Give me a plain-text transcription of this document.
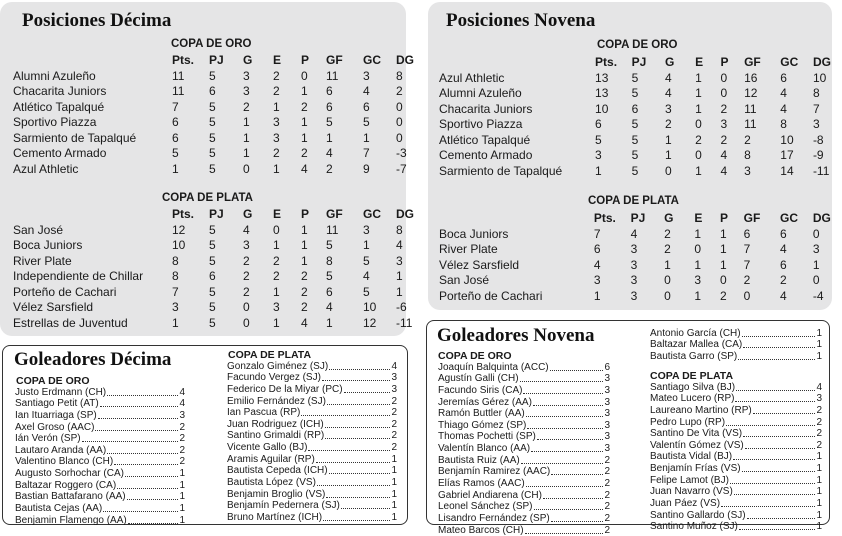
Posiciones Décima
COPA DE ORO
	Pts.	PJ	G	E	P	GF	GC	DG
Alumni Azuleño	11	5	3	2	0	11	3	8
Chacarita Juniors	11	6	3	2	1	6	4	2
Atlético Tapalqué	7	5	2	1	2	6	6	0
Sportivo Piazza	6	5	1	3	1	5	5	0
Sarmiento de Tapalqué	6	5	1	3	1	1	1	0
Cemento Armado	5	5	1	2	2	4	7	-3
Azul Athletic	1	5	0	1	4	2	9	-7
COPA DE PLATA
	Pts.	PJ	G	E	P	GF	GC	DG
San José	12	5	4	0	1	11	3	8
Boca Juniors	10	5	3	1	1	5	1	4
River Plate	8	5	2	2	1	8	5	3
Independiente de Chillar	8	6	2	2	2	5	4	1
Porteño de Cachari	7	5	2	1	2	6	5	1
Vélez Sarsfield	3	5	0	3	2	4	10	-6
Estrellas de Juventud	1	5	0	1	4	1	12	-11
Posiciones Novena
COPA DE ORO
	Pts.	PJ	G	E	P	GF	GC	DG
Azul Athletic	13	5	4	1	0	16	6	10
Alumni Azuleño	13	5	4	1	0	12	4	8
Chacarita Juniors	10	6	3	1	2	11	4	7
Sportivo Piazza	6	5	2	0	3	11	8	3
Atlético Tapalqué	5	5	1	2	2	2	10	-8
Cemento Armado	3	5	1	0	4	8	17	-9
Sarmiento de Tapalqué	1	5	0	1	4	3	14	-11
COPA DE PLATA
	Pts.	PJ	G	E	P	GF	GC	DG
Boca Juniors	7	4	2	1	1	6	6	0
River Plate	6	3	2	0	1	7	4	3
Vélez Sarsfield	4	3	1	1	1	7	6	1
San José	3	3	0	3	0	2	2	0
Porteño de Cachari	1	3	0	1	2	0	4	-4
Goleadores Décima
COPA DE ORO
Justo Erdmann (CH)	4
Santiago Petit (AT)	4
Ian Ituarriaga (SP)	3
Axel Groso (AAC)	2
Ián Verón (SP)	2
Lautaro Aranda (AA)	2
Valentino Blanco (CH)	2
Augusto Sorhochar (CA)	1
Baltazar Roggero (CA)	1
Bastian Battafarano (AA)	1
Bautista Cejas (AA)	1
Benjamin Flamengo (AA)	1
COPA DE PLATA
Gonzalo Giménez (SJ)	4
Facundo Vergez (SJ)	3
Federico De la Miyar (PC)	3
Emilio Fernández (SJ)	2
Ian Pascua (RP)	2
Juan Rodriguez (ICH)	2
Santino Grimaldi (RP)	2
Vicente Gallo (BJ)	2
Aramis Aguilar (RP)	1
Bautista Cepeda (ICH)	1
Bautista López (VS)	1
Benjamin Broglio (VS)	1
Benjamín Pedernera (SJ)	1
Bruno Martínez (ICH)	1
Goleadores Novena
COPA DE ORO
Joaquín Balquinta (ACC)	6
Agustín Galli (CH)	3
Facundo Siris (CA)	3
Jeremías Gérez (AA)	3
Ramón Buttler (AA)	3
Thiago Gómez (SP)	3
Thomas Pochetti (SP)	3
Valentín Blanco (AA)	3
Bautista Ruiz (AA)	2
Benjamín Ramirez (AAC)	2
Elías Ramos (AAC)	2
Gabriel Andiarena (CH)	2
Leonel Sánchez (SP)	2
Lisandro Fernández (SP)	2
Mateo Barcos (CH)	2
Antonio García (CH)	1
Baltazar Mallea (CA)	1
Bautista Garro (SP)	1
COPA DE PLATA
Santiago Silva (BJ)	4
Mateo Lucero (RP)	3
Laureano Martino (RP)	2
Pedro Lupo (RP)	2
Santino De Vita (VS)	2
Valentín Gómez (VS)	2
Bautista Vidal (BJ)	1
Benjamín Frías (VS)	1
Felipe Lamot (BJ)	1
Juan Navarro (VS)	1
Juan Páez (VS)	1
Santino Gallardo (SJ)	1
Santino Muñoz (SJ)	1
